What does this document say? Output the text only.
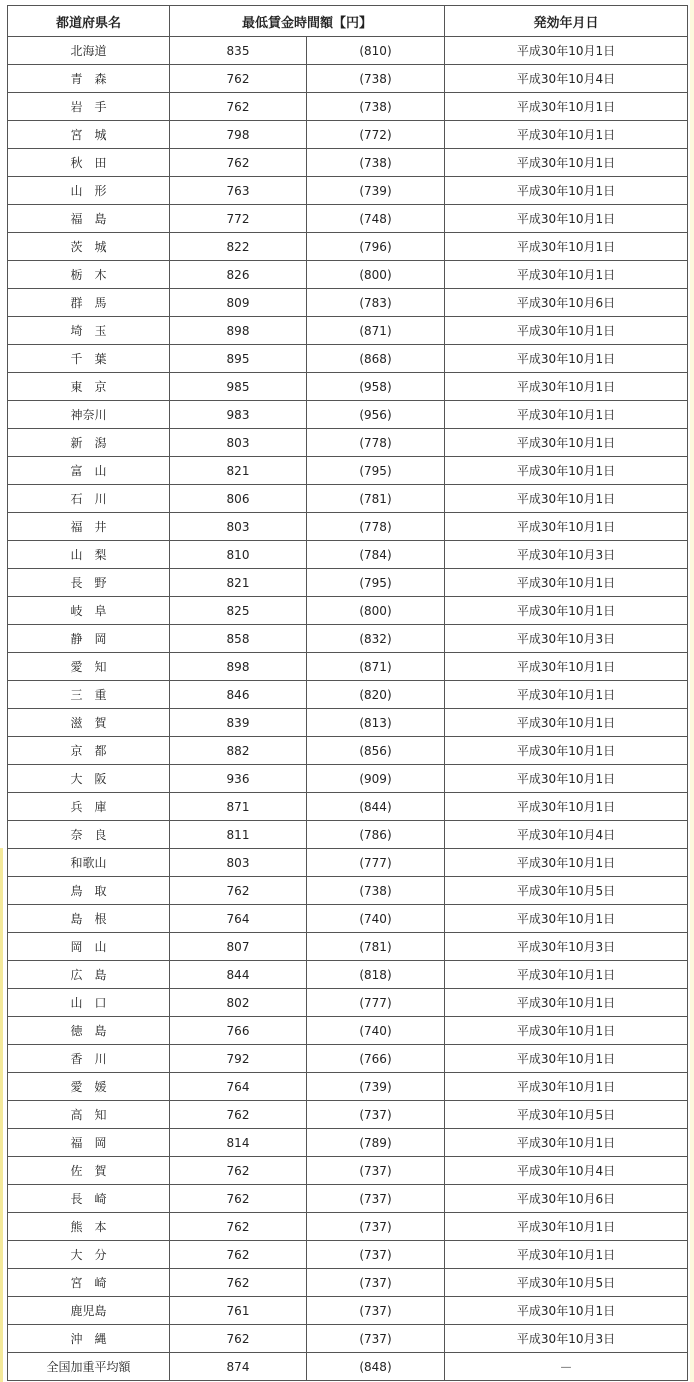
都道府県名	最低賃金時間額【円】		発効年月日
北海道	835	(810)	平成30年10月1日
青　森	762	(738)	平成30年10月4日
岩　手	762	(738)	平成30年10月1日
宮　城	798	(772)	平成30年10月1日
秋　田	762	(738)	平成30年10月1日
山　形	763	(739)	平成30年10月1日
福　島	772	(748)	平成30年10月1日
茨　城	822	(796)	平成30年10月1日
栃　木	826	(800)	平成30年10月1日
群　馬	809	(783)	平成30年10月6日
埼　玉	898	(871)	平成30年10月1日
千　葉	895	(868)	平成30年10月1日
東　京	985	(958)	平成30年10月1日
神奈川	983	(956)	平成30年10月1日
新　潟	803	(778)	平成30年10月1日
富　山	821	(795)	平成30年10月1日
石　川	806	(781)	平成30年10月1日
福　井	803	(778)	平成30年10月1日
山　梨	810	(784)	平成30年10月3日
長　野	821	(795)	平成30年10月1日
岐　阜	825	(800)	平成30年10月1日
静　岡	858	(832)	平成30年10月3日
愛　知	898	(871)	平成30年10月1日
三　重	846	(820)	平成30年10月1日
滋　賀	839	(813)	平成30年10月1日
京　都	882	(856)	平成30年10月1日
大　阪	936	(909)	平成30年10月1日
兵　庫	871	(844)	平成30年10月1日
奈　良	811	(786)	平成30年10月4日
和歌山	803	(777)	平成30年10月1日
鳥　取	762	(738)	平成30年10月5日
島　根	764	(740)	平成30年10月1日
岡　山	807	(781)	平成30年10月3日
広　島	844	(818)	平成30年10月1日
山　口	802	(777)	平成30年10月1日
徳　島	766	(740)	平成30年10月1日
香　川	792	(766)	平成30年10月1日
愛　媛	764	(739)	平成30年10月1日
高　知	762	(737)	平成30年10月5日
福　岡	814	(789)	平成30年10月1日
佐　賀	762	(737)	平成30年10月4日
長　崎	762	(737)	平成30年10月6日
熊　本	762	(737)	平成30年10月1日
大　分	762	(737)	平成30年10月1日
宮　崎	762	(737)	平成30年10月5日
鹿児島	761	(737)	平成30年10月1日
沖　縄	762	(737)	平成30年10月3日
全国加重平均額	874	(848)	－
